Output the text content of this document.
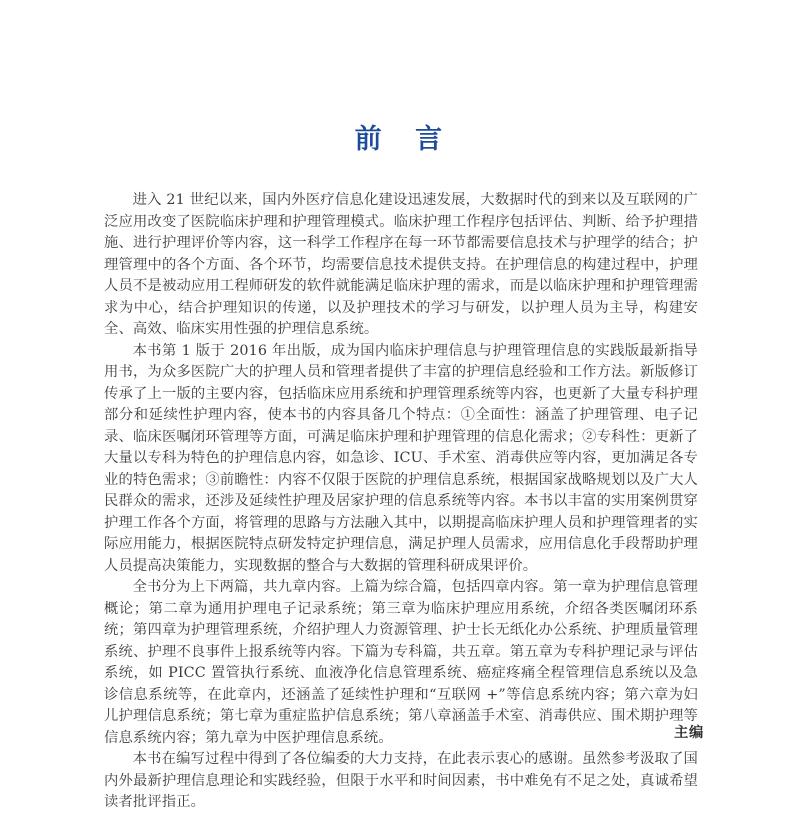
前　言

进入 21 世纪以来，国内外医疗信息化建设迅速发展，大数据时代的到来以及互联网的广泛应用改变了医院临床护理和护理管理模式。临床护理工作程序包括评估、判断、给予护理措施、进行护理评价等内容，这一科学工作程序在每一环节都需要信息技术与护理学的结合；护理管理中的各个方面、各个环节，均需要信息技术提供支持。在护理信息的构建过程中，护理人员不是被动应用工程师研发的软件就能满足临床护理的需求，而是以临床护理和护理管理需求为中心，结合护理知识的传递，以及护理技术的学习与研发，以护理人员为主导，构建安全、高效、临床实用性强的护理信息系统。

本书第 1 版于 2016 年出版，成为国内临床护理信息与护理管理信息的实践版最新指导用书，为众多医院广大的护理人员和管理者提供了丰富的护理信息经验和工作方法。新版修订传承了上一版的主要内容，包括临床应用系统和护理管理系统等内容，也更新了大量专科护理部分和延续性护理内容，使本书的内容具备几个特点：①全面性：涵盖了护理管理、电子记录、临床医嘱闭环管理等方面，可满足临床护理和护理管理的信息化需求；②专科性：更新了大量以专科为特色的护理信息内容，如急诊、ICU、手术室、消毒供应等内容，更加满足各专业的特色需求；③前瞻性：内容不仅限于医院的护理信息系统，根据国家战略规划以及广大人民群众的需求，还涉及延续性护理及居家护理的信息系统等内容。本书以丰富的实用案例贯穿护理工作各个方面，将管理的思路与方法融入其中，以期提高临床护理人员和护理管理者的实际应用能力，根据医院特点研发特定护理信息，满足护理人员需求，应用信息化手段帮助护理人员提高决策能力，实现数据的整合与大数据的管理科研成果评价。

全书分为上下两篇，共九章内容。上篇为综合篇，包括四章内容。第一章为护理信息管理概论；第二章为通用护理电子记录系统；第三章为临床护理应用系统，介绍各类医嘱闭环系统；第四章为护理管理系统，介绍护理人力资源管理、护士长无纸化办公系统、护理质量管理系统、护理不良事件上报系统等内容。下篇为专科篇，共五章。第五章为专科护理记录与评估系统，如 PICC 置管执行系统、血液净化信息管理系统、癌症疼痛全程管理信息系统以及急诊信息系统等，在此章内，还涵盖了延续性护理和“互联网 +”等信息系统内容；第六章为妇儿护理信息系统；第七章为重症监护信息系统；第八章涵盖手术室、消毒供应、围术期护理等信息系统内容；第九章为中医护理信息系统。

本书在编写过程中得到了各位编委的大力支持，在此表示衷心的感谢。虽然参考汲取了国内外最新护理信息理论和实践经验，但限于水平和时间因素，书中难免有不足之处，真诚希望读者批评指正。

主编
